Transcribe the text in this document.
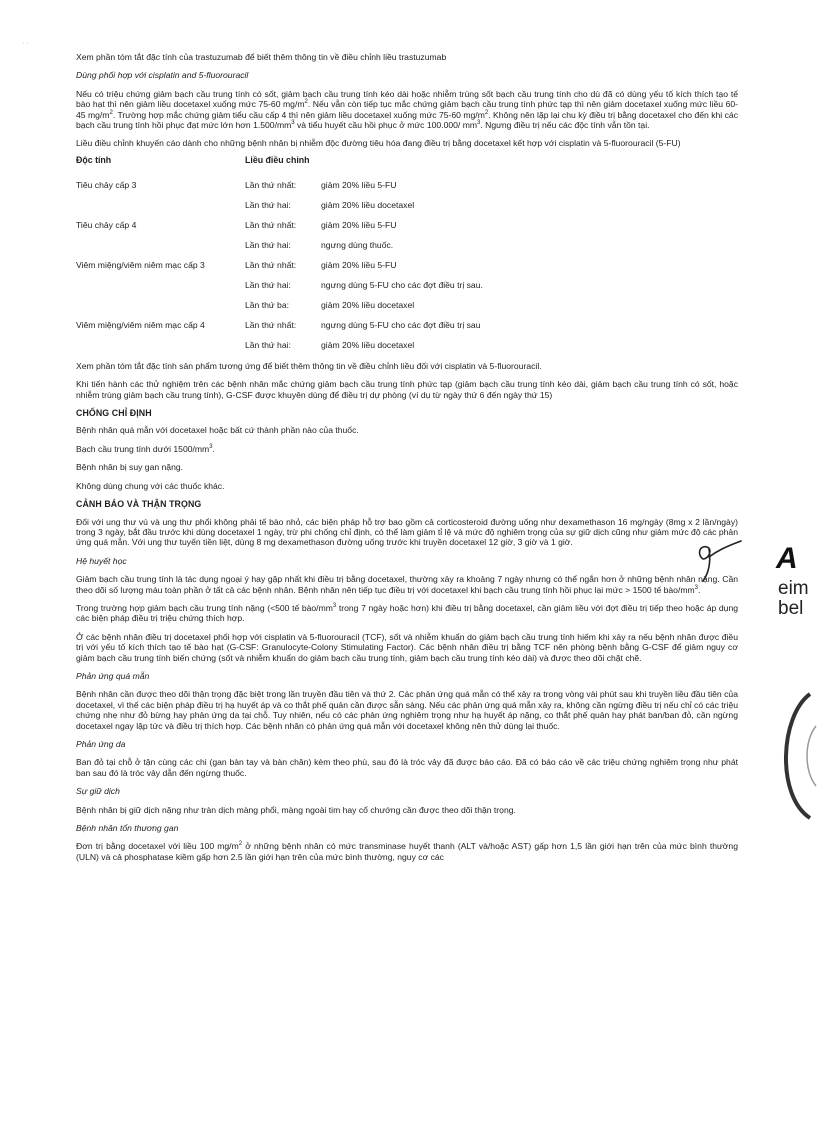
· ·

Xem phần tóm tắt đặc tính của trastuzumab để biết thêm thông tin về điều chỉnh liều trastuzumab

Dùng phối hợp với cisplatin and 5-fluorouracil

Nếu có triệu chứng giảm bạch cầu trung tính có sốt, giảm bạch cầu trung tính kéo dài hoặc nhiễm trùng sốt bạch cầu trung tính cho dù đã có dùng yếu tố kích thích tạo tế bào hạt thì nên giảm liều docetaxel xuống mức 75-60 $mg/m^2$. Nếu vẫn còn tiếp tục mắc chứng giảm bạch cầu trung tính phức tạp thì nên giảm docetaxel xuống mức liều 60-45 $mg/m^2$. Trường hợp mắc chứng giảm tiểu cầu cấp 4 thì nên giảm liều docetaxel xuống mức 75-60 $mg/m^2$. Không nên lặp lại chu kỳ điều trị bằng docetaxel cho đến khi các bạch cầu trung tính hồi phục đạt mức lớn hơn $1.500/mm^3$ và tiểu huyết cầu hồi phục ở mức 100.000/ $mm^3$. Ngưng điều trị nếu các độc tính vẫn tồn tại.

Liều điều chỉnh khuyến cáo dành cho những bệnh nhân bị nhiễm độc đường tiêu hóa đang điều trị bằng docetaxel kết hợp với cisplatin và 5-fluorouracil (5-FU)

Độc tính	Liều điều chỉnh	
Tiêu chảy cấp 3	Lần thứ nhất:	giảm 20% liều 5-FU
	Lần thứ hai:	giảm 20% liều docetaxel
Tiêu chảy cấp 4	Lần thứ nhất:	giảm 20% liều 5-FU
	Lần thứ hai:	ngưng dùng thuốc.
Viêm miệng/viêm niêm mạc cấp 3	Lần thứ nhất:	giảm 20% liều 5-FU
	Lần thứ hai:	ngưng dùng 5-FU cho các đợt điều trị sau.
	Lần thứ ba:	giảm 20% liều docetaxel
Viêm miệng/viêm niêm mạc cấp 4	Lần thứ nhất:	ngưng dùng 5-FU cho các đợt điều trị sau
	Lần thứ hai:	giảm 20% liều docetaxel

Xem phần tóm tắt đặc tính sản phẩm tương ứng để biết thêm thông tin về điều chỉnh liều đối với cisplatin và 5-fluorouracil.

Khi tiến hành các thử nghiệm trên các bệnh nhân mắc chứng giảm bạch cầu trung tính phức tạp (giảm bạch cầu trung tính kéo dài, giảm bạch cầu trung tính có sốt, hoặc nhiễm trùng giảm bạch cầu trung tính), G-CSF được khuyên dùng để điều trị dự phòng (ví dụ từ ngày thứ 6 đến ngày thứ 15)

CHỐNG CHỈ ĐỊNH

Bệnh nhân quá mẫn với docetaxel hoặc bất cứ thành phần nào của thuốc.

Bạch cầu trung tính dưới $1500/mm^3$.

Bệnh nhân bị suy gan nặng.

Không dùng chung với các thuốc khác.

CẢNH BÁO VÀ THẬN TRỌNG

Đối với ung thư vú và ung thư phổi không phải tế bào nhỏ, các biện pháp hỗ trợ bao gồm cả corticosteroid đường uống như dexamethason 16 mg/ngày (8mg x 2 lần/ngày) trong 3 ngày, bắt đầu trước khi dùng docetaxel 1 ngày, trừ phi chống chỉ định, có thể làm giảm tỉ lệ và mức độ nghiêm trọng của sự giữ dịch cũng như giảm mức độ các phản ứng quá mẫn. Với ung thư tuyến tiền liệt, dùng 8 mg dexamethason đường uống trước khi truyền docetaxel 12 giờ, 3 giờ và 1 giờ.

Hệ huyết học

Giảm bạch cầu trung tính là tác dụng ngoại ý hay gặp nhất khi điều trị bằng docetaxel, thường xảy ra khoảng 7 ngày nhưng có thể ngắn hơn ở những bệnh nhân nặng. Cần theo dõi số lượng máu toàn phần ở tất cả các bệnh nhân. Bệnh nhân nên tiếp tục điều trị với docetaxel khi bạch cầu trung tính hồi phục lại mức > 1500 tế bào/$mm^3$.

Trong trường hợp giảm bạch cầu trung tính nặng (<500 tế bào/$mm^3$ trong 7 ngày hoặc hơn) khi điều trị bằng docetaxel, cần giảm liều với đợt điều trị tiếp theo hoặc áp dụng các biện pháp điều trị triệu chứng thích hợp.

Ở các bệnh nhân điều trị docetaxel phối hợp với cisplatin và 5-fluorouracil (TCF), sốt và nhiễm khuẩn do giảm bạch cầu trung tính hiếm khi xảy ra nếu bệnh nhân được điều trị với yếu tố kích thích tạo tế bào hạt (G-CSF: Granulocyte-Colony Stimulating Factor). Các bệnh nhân điều trị bằng TCF nên phòng bệnh bằng G-CSF để giảm nguy cơ giảm bạch cầu trung tính biến chứng (sốt và nhiễm khuẩn do giảm bạch cầu trung tính, giảm bạch cầu trung tính kéo dài) và được theo dõi chặt chẽ.

Phản ứng quá mẫn

Bệnh nhân cần được theo dõi thận trọng đặc biệt trong lần truyền đầu tiên và thứ 2. Các phản ứng quá mẫn có thể xảy ra trong vòng vài phút sau khi truyền liều đầu tiên của docetaxel, vì thế các biện pháp điều trị hạ huyết áp và co thắt phế quản cần được sẵn sàng. Nếu các phản ứng quá mẫn xảy ra, không cần ngừng điều trị nếu chỉ có các triệu chứng nhẹ như đỏ bừng hay phản ứng da tại chỗ. Tuy nhiên, nếu có các phản ứng nghiêm trọng như hạ huyết áp nặng, co thắt phế quản hay phát ban/ban đỏ, cần ngừng docetaxel ngay lập tức và điều trị thích hợp. Các bệnh nhân có phản ứng quá mẫn với docetaxel không nên thử dùng lại thuốc.

Phản ứng da

Ban đỏ tại chỗ ở tận cùng các chi (gan bàn tay và bàn chân) kèm theo phù, sau đó là tróc vảy đã được báo cáo. Đã có báo cáo về các triệu chứng nghiêm trọng như phát ban sau đó là tróc vảy dẫn đến ngừng thuốc.

Sự giữ dịch

Bệnh nhân bị giữ dịch nặng như tràn dịch màng phổi, màng ngoài tim hay cổ chướng cần được theo dõi thận trọng.

Bệnh nhân tổn thương gan

Đơn trị bằng docetaxel với liều 100 $mg/m^2$ ở những bệnh nhân có mức transminase huyết thanh (ALT và/hoặc AST) gấp hơn 1,5 lần giới hạn trên của mức bình thường (ULN) và cả phosphatase kiềm gấp hơn 2.5 lần giới hạn trên của mức bình thường, nguy cơ các

A
eim
bel
